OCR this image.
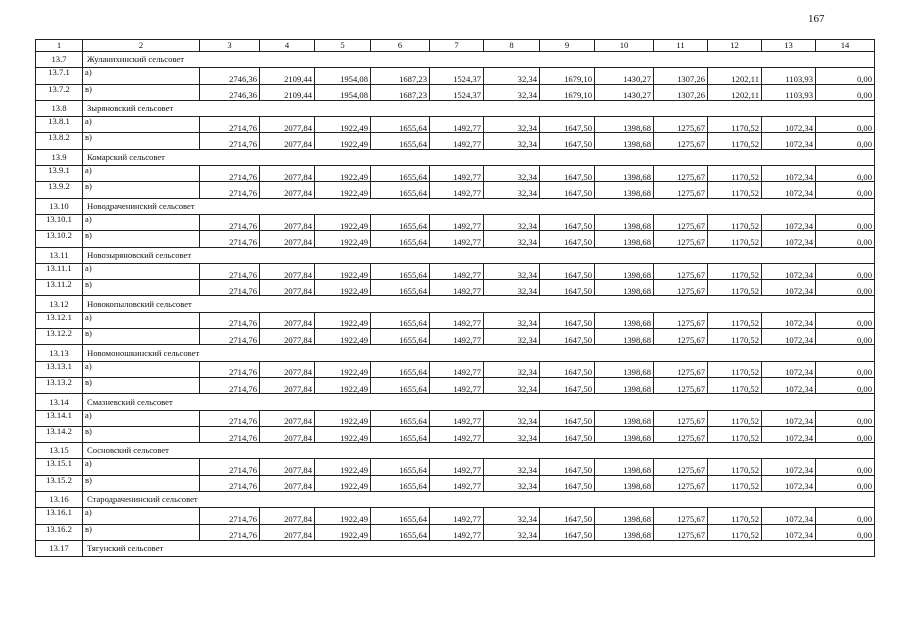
167
1	2	3	4	5	6	7	8	9	10	11	12	13	14
13.7	Жуланихинский сельсовет												
13.7.1	а)	2746,36	2109,44	1954,08	1687,23	1524,37	32,34	1679,10	1430,27	1307,26	1202,11	1103,93	0,00
13.7.2	в)	2746,36	2109,44	1954,08	1687,23	1524,37	32,34	1679,10	1430,27	1307,26	1202,11	1103,93	0,00
13.8	Зыряновский сельсовет												
13.8.1	а)	2714,76	2077,84	1922,49	1655,64	1492,77	32,34	1647,50	1398,68	1275,67	1170,52	1072,34	0,00
13.8.2	в)	2714,76	2077,84	1922,49	1655,64	1492,77	32,34	1647,50	1398,68	1275,67	1170,52	1072,34	0,00
13.9	Комарский сельсовет												
13.9.1	а)	2714,76	2077,84	1922,49	1655,64	1492,77	32,34	1647,50	1398,68	1275,67	1170,52	1072,34	0,00
13.9.2	в)	2714,76	2077,84	1922,49	1655,64	1492,77	32,34	1647,50	1398,68	1275,67	1170,52	1072,34	0,00
13.10	Новодраченинский сельсовет												
13.10.1	а)	2714,76	2077,84	1922,49	1655,64	1492,77	32,34	1647,50	1398,68	1275,67	1170,52	1072,34	0,00
13.10.2	в)	2714,76	2077,84	1922,49	1655,64	1492,77	32,34	1647,50	1398,68	1275,67	1170,52	1072,34	0,00
13.11	Новозыряновский сельсовет												
13.11.1	а)	2714,76	2077,84	1922,49	1655,64	1492,77	32,34	1647,50	1398,68	1275,67	1170,52	1072,34	0,00
13.11.2	в)	2714,76	2077,84	1922,49	1655,64	1492,77	32,34	1647,50	1398,68	1275,67	1170,52	1072,34	0,00
13.12	Новокопыловский сельсовет												
13.12.1	а)	2714,76	2077,84	1922,49	1655,64	1492,77	32,34	1647,50	1398,68	1275,67	1170,52	1072,34	0,00
13.12.2	в)	2714,76	2077,84	1922,49	1655,64	1492,77	32,34	1647,50	1398,68	1275,67	1170,52	1072,34	0,00
13.13	Новомоношкинский сельсовет												
13.13.1	а)	2714,76	2077,84	1922,49	1655,64	1492,77	32,34	1647,50	1398,68	1275,67	1170,52	1072,34	0,00
13.13.2	в)	2714,76	2077,84	1922,49	1655,64	1492,77	32,34	1647,50	1398,68	1275,67	1170,52	1072,34	0,00
13.14	Смазневский сельсовет												
13.14.1	а)	2714,76	2077,84	1922,49	1655,64	1492,77	32,34	1647,50	1398,68	1275,67	1170,52	1072,34	0,00
13.14.2	в)	2714,76	2077,84	1922,49	1655,64	1492,77	32,34	1647,50	1398,68	1275,67	1170,52	1072,34	0,00
13.15	Сосновский сельсовет												
13.15.1	а)	2714,76	2077,84	1922,49	1655,64	1492,77	32,34	1647,50	1398,68	1275,67	1170,52	1072,34	0,00
13.15.2	в)	2714,76	2077,84	1922,49	1655,64	1492,77	32,34	1647,50	1398,68	1275,67	1170,52	1072,34	0,00
13.16	Стародраченинский сельсовет												
13.16.1	а)	2714,76	2077,84	1922,49	1655,64	1492,77	32,34	1647,50	1398,68	1275,67	1170,52	1072,34	0,00
13.16.2	в)	2714,76	2077,84	1922,49	1655,64	1492,77	32,34	1647,50	1398,68	1275,67	1170,52	1072,34	0,00
13.17	Тягунский сельсовет												
